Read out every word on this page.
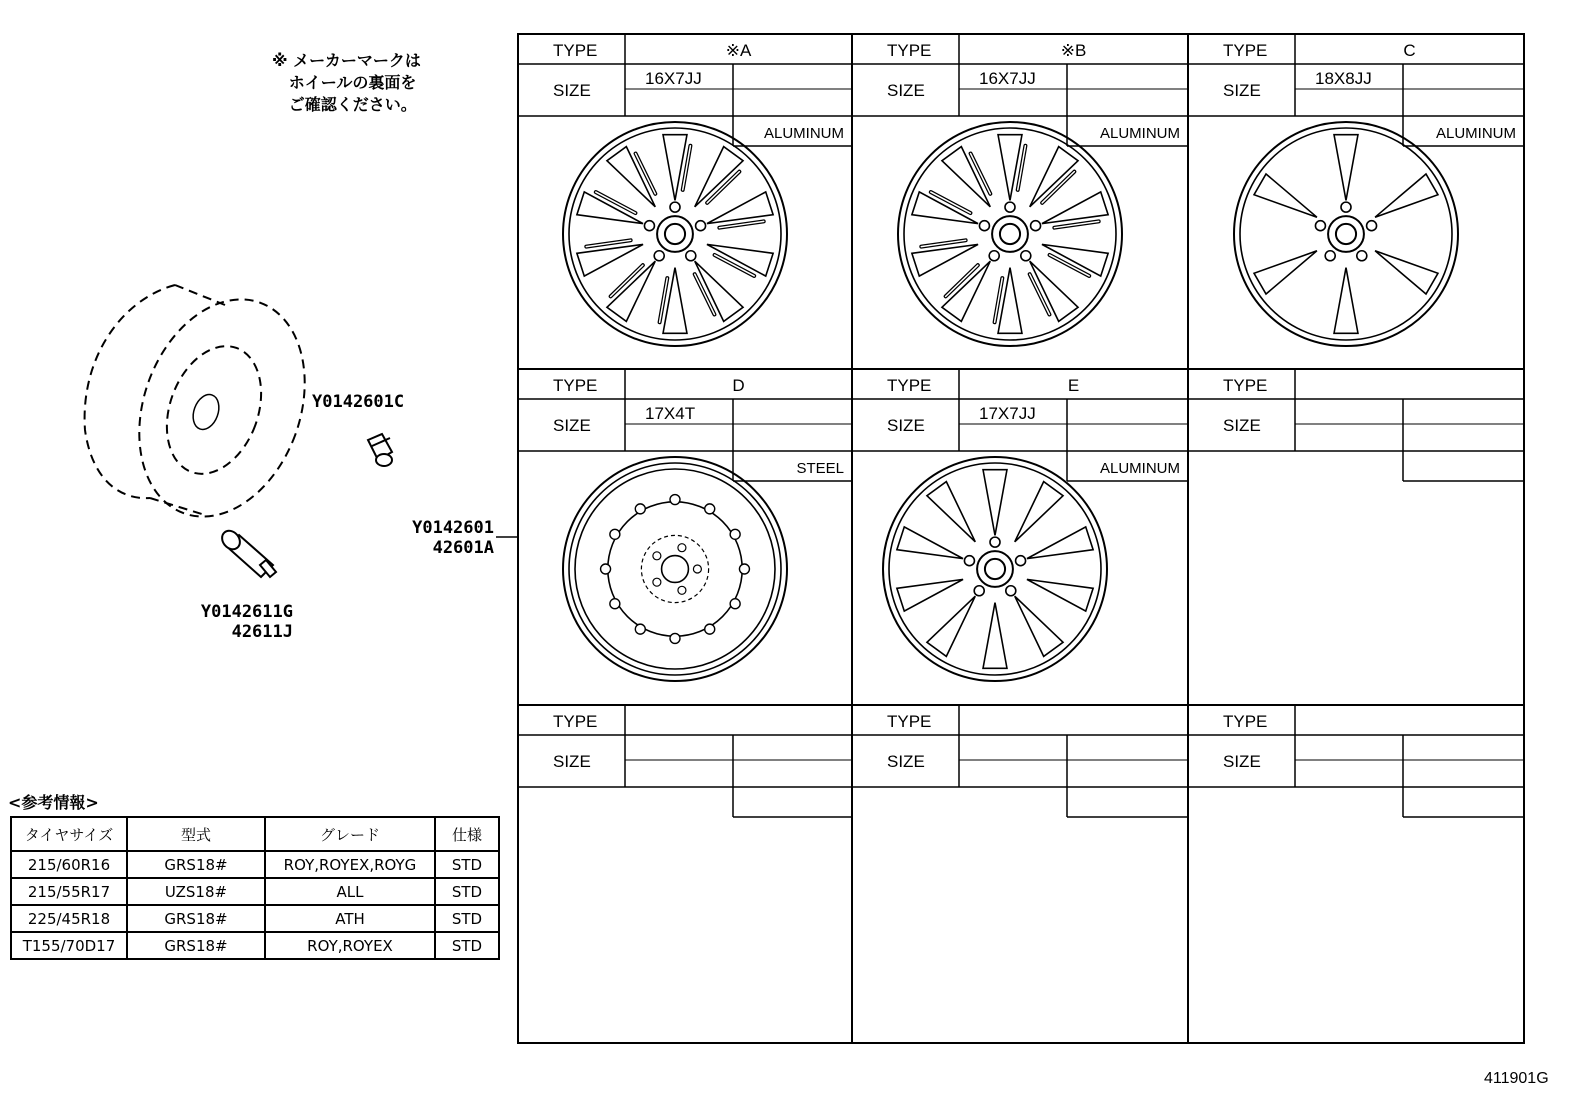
※ メーカーマークは
ホイールの裏面を
ご確認ください。
Y0142601C
Y0142601
42601A
Y0142611G
42611J
TYPE
SIZE
※A
16X7JJ
ALUMINUM
TYPE
SIZE
※B
16X7JJ
ALUMINUM
TYPE
SIZE
C
18X8JJ
ALUMINUM
TYPE
SIZE
D
17X4T
STEEL
TYPE
SIZE
E
17X7JJ
ALUMINUM
TYPE
SIZE
TYPE
SIZE
TYPE
SIZE
TYPE
SIZE
<参考情報>
タイヤサイズ	型式	グレード	仕様
215/60R16	GRS18#	ROY,ROYEX,ROYG	STD
215/55R17	UZS18#	ALL	STD
225/45R18	GRS18#	ATH	STD
T155/70D17	GRS18#	ROY,ROYEX	STD
411901G
